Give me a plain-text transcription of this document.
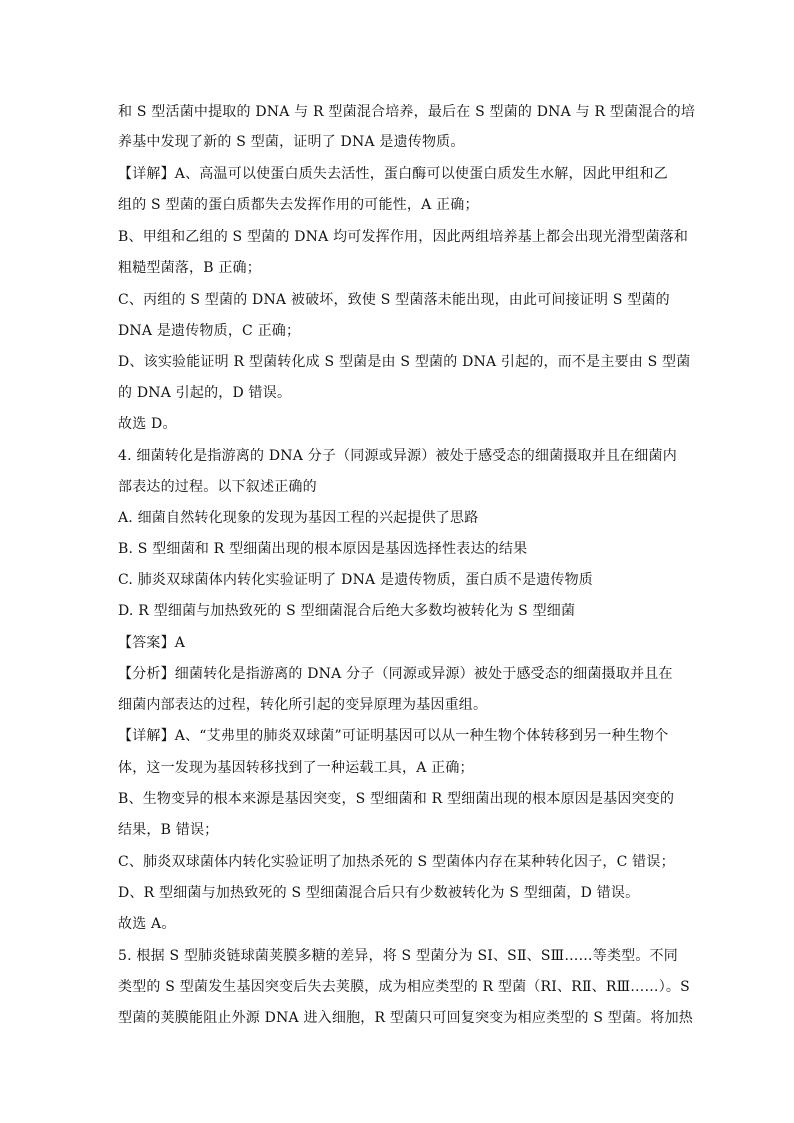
和 S 型活菌中提取的 DNA 与 R 型菌混合培养，最后在 S 型菌的 DNA 与 R 型菌混合的培
养基中发现了新的 S 型菌，证明了 DNA 是遗传物质。
【详解】A、高温可以使蛋白质失去活性，蛋白酶可以使蛋白质发生水解，因此甲组和乙
组的 S 型菌的蛋白质都失去发挥作用的可能性，A 正确；
B、甲组和乙组的 S 型菌的 DNA 均可发挥作用，因此两组培养基上都会出现光滑型菌落和
粗糙型菌落，B 正确；
C、丙组的 S 型菌的 DNA 被破坏，致使 S 型菌落未能出现，由此可间接证明 S 型菌的
DNA 是遗传物质，C 正确；
D、该实验能证明 R 型菌转化成 S 型菌是由 S 型菌的 DNA 引起的，而不是主要由 S 型菌
的 DNA 引起的，D 错误。
故选 D。
4. 细菌转化是指游离的 DNA 分子（同源或异源）被处于感受态的细菌摄取并且在细菌内
部表达的过程。以下叙述正确的
A. 细菌自然转化现象的发现为基因工程的兴起提供了思路
B. S 型细菌和 R 型细菌出现的根本原因是基因选择性表达的结果
C. 肺炎双球菌体内转化实验证明了 DNA 是遗传物质，蛋白质不是遗传物质
D. R 型细菌与加热致死的 S 型细菌混合后绝大多数均被转化为 S 型细菌
【答案】A
【分析】细菌转化是指游离的 DNA 分子（同源或异源）被处于感受态的细菌摄取并且在
细菌内部表达的过程，转化所引起的变异原理为基因重组。
【详解】A、“艾弗里的肺炎双球菌”可证明基因可以从一种生物个体转移到另一种生物个
体，这一发现为基因转移找到了一种运载工具，A 正确；
B、生物变异的根本来源是基因突变，S 型细菌和 R 型细菌出现的根本原因是基因突变的
结果，B 错误；
C、肺炎双球菌体内转化实验证明了加热杀死的 S 型菌体内存在某种转化因子，C 错误；
D、R 型细菌与加热致死的 S 型细菌混合后只有少数被转化为 S 型细菌，D 错误。
故选 A。
5. 根据 S 型肺炎链球菌荚膜多糖的差异，将 S 型菌分为 SⅠ、SⅡ、SⅢ……等类型。不同
类型的 S 型菌发生基因突变后失去荚膜，成为相应类型的 R 型菌（RⅠ、RⅡ、RⅢ……）。S
型菌的荚膜能阻止外源 DNA 进入细胞，R 型菌只可回复突变为相应类型的 S 型菌。将加热
